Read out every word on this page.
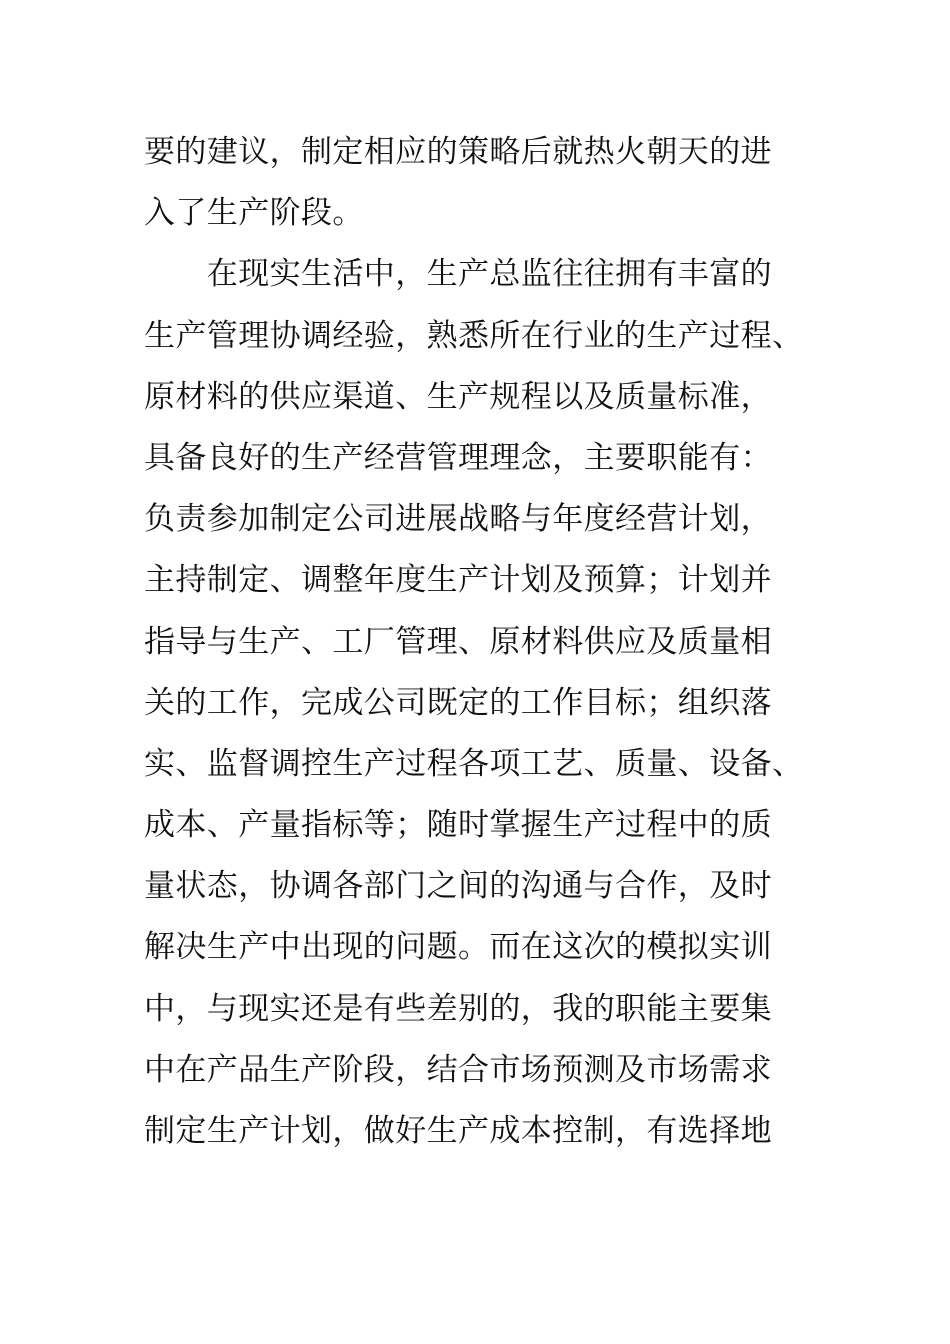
要的建议，制定相应的策略后就热火朝天的进
入了生产阶段。
　　在现实生活中，生产总监往往拥有丰富的
生产管理协调经验，熟悉所在行业的生产过程、
原材料的供应渠道、生产规程以及质量标准，
具备良好的生产经营管理理念，主要职能有：
负责参加制定公司进展战略与年度经营计划，
主持制定、调整年度生产计划及预算；计划并
指导与生产、工厂管理、原材料供应及质量相
关的工作，完成公司既定的工作目标；组织落
实、监督调控生产过程各项工艺、质量、设备、
成本、产量指标等；随时掌握生产过程中的质
量状态，协调各部门之间的沟通与合作，及时
解决生产中出现的问题。而在这次的模拟实训
中，与现实还是有些差别的，我的职能主要集
中在产品生产阶段，结合市场预测及市场需求
制定生产计划，做好生产成本控制，有选择地
